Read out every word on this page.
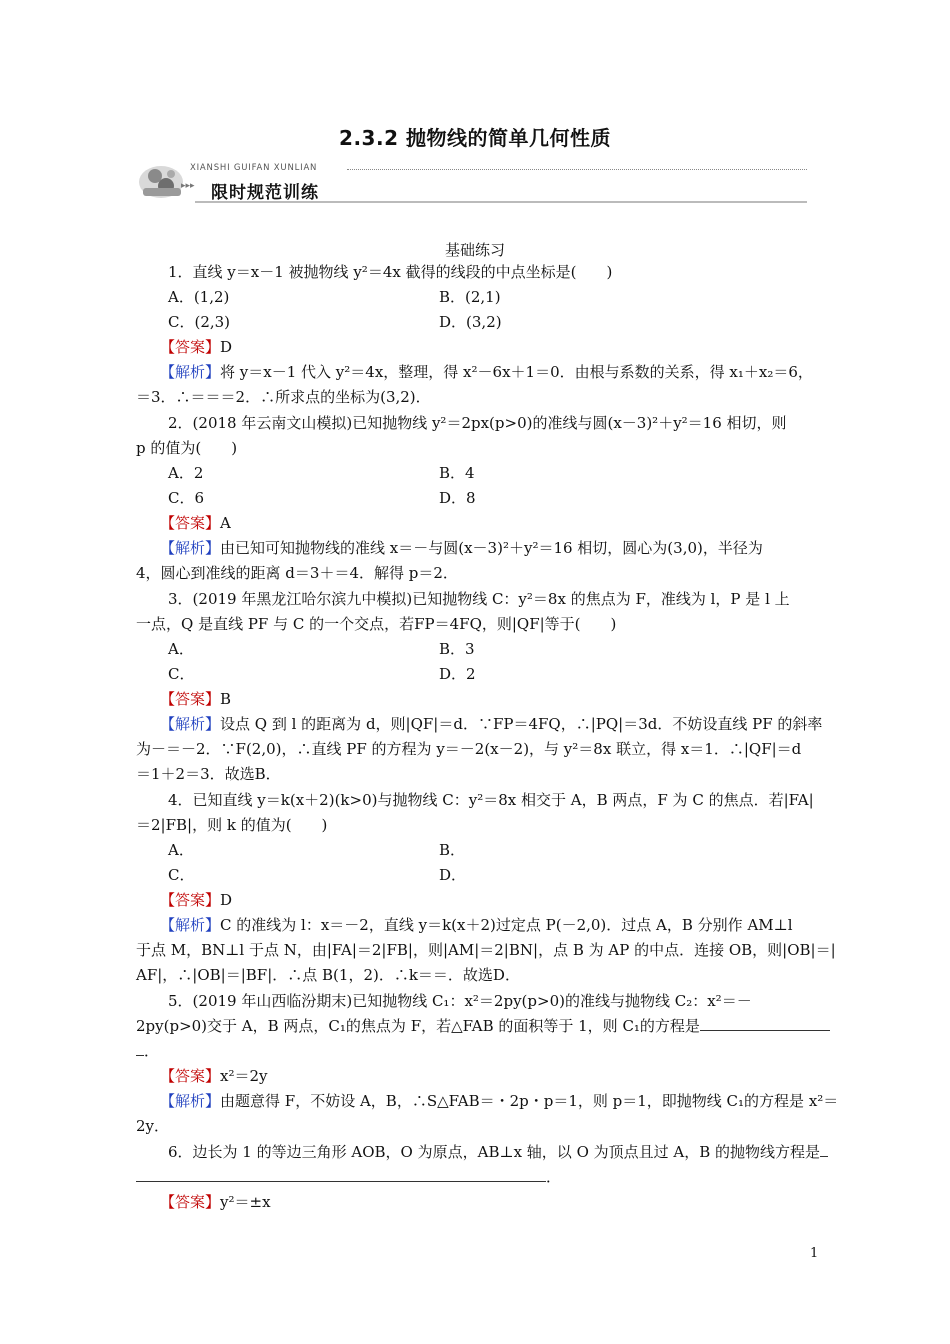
2.3.2 抛物线的简单几何性质
XIANSHI GUIFAN XUNLIAN
▸▸▸ 限时规范训练
基础练习
1．直线 y＝x－1 被抛物线 y²＝4x 截得的线段的中点坐标是(　　)
A．(1,2)	B．(2,1)
C．(2,3)	D．(3,2)
【答案】D
【解析】将 y＝x－1 代入 y²＝4x，整理，得 x²－6x＋1＝0．由根与系数的关系，得 x₁＋x₂＝6，
＝3．∴＝＝＝2．∴所求点的坐标为(3,2)．
2．(2018 年云南文山模拟)已知抛物线 y²＝2px(p>0)的准线与圆(x－3)²＋y²＝16 相切，则
p 的值为(　　)
A．2	B．4
C．6	D．8
【答案】A
【解析】由已知可知抛物线的准线 x＝－与圆(x－3)²＋y²＝16 相切，圆心为(3,0)，半径为
4，圆心到准线的距离 d＝3＋＝4．解得 p＝2．
3．(2019 年黑龙江哈尔滨九中模拟)已知抛物线 C：y²＝8x 的焦点为 F，准线为 l，P 是 l 上
一点，Q 是直线 PF 与 C 的一个交点，若FP＝4FQ，则|QF|等于(　　)
A．	B．3
C．	D．2
【答案】B
【解析】设点 Q 到 l 的距离为 d，则|QF|＝d．∵FP＝4FQ，∴|PQ|＝3d．不妨设直线 PF 的斜率
为－＝－2．∵F(2,0)，∴直线 PF 的方程为 y＝－2(x－2)，与 y²＝8x 联立，得 x＝1．∴|QF|＝d
＝1＋2＝3．故选B．
4．已知直线 y＝k(x＋2)(k>0)与抛物线 C：y²＝8x 相交于 A，B 两点，F 为 C 的焦点．若|FA|
＝2|FB|，则 k 的值为(　　)
A．	B．
C．	D．
【答案】D
【解析】C 的准线为 l：x＝－2，直线 y＝k(x＋2)过定点 P(－2,0)．过点 A，B 分别作 AM⊥l
于点 M，BN⊥l 于点 N，由|FA|＝2|FB|，则|AM|＝2|BN|，点 B 为 AP 的中点．连接 OB，则|OB|＝|
AF|，∴|OB|＝|BF|．∴点 B(1，2)．∴k＝＝．故选D．
5．(2019 年山西临汾期末)已知抛物线 C₁：x²＝2py(p>0)的准线与抛物线 C₂：x²＝－
2py(p>0)交于 A，B 两点，C₁的焦点为 F，若△FAB 的面积等于 1，则 C₁的方程是
．
【答案】x²＝2y
【解析】由题意得 F，不妨设 A，B，∴S△FAB＝・2p・p＝1，则 p＝1，即抛物线 C₁的方程是 x²＝
2y．
6．边长为 1 的等边三角形 AOB，O 为原点，AB⊥x 轴，以 O 为顶点且过 A，B 的抛物线方程是
．
【答案】y²＝±x
1
